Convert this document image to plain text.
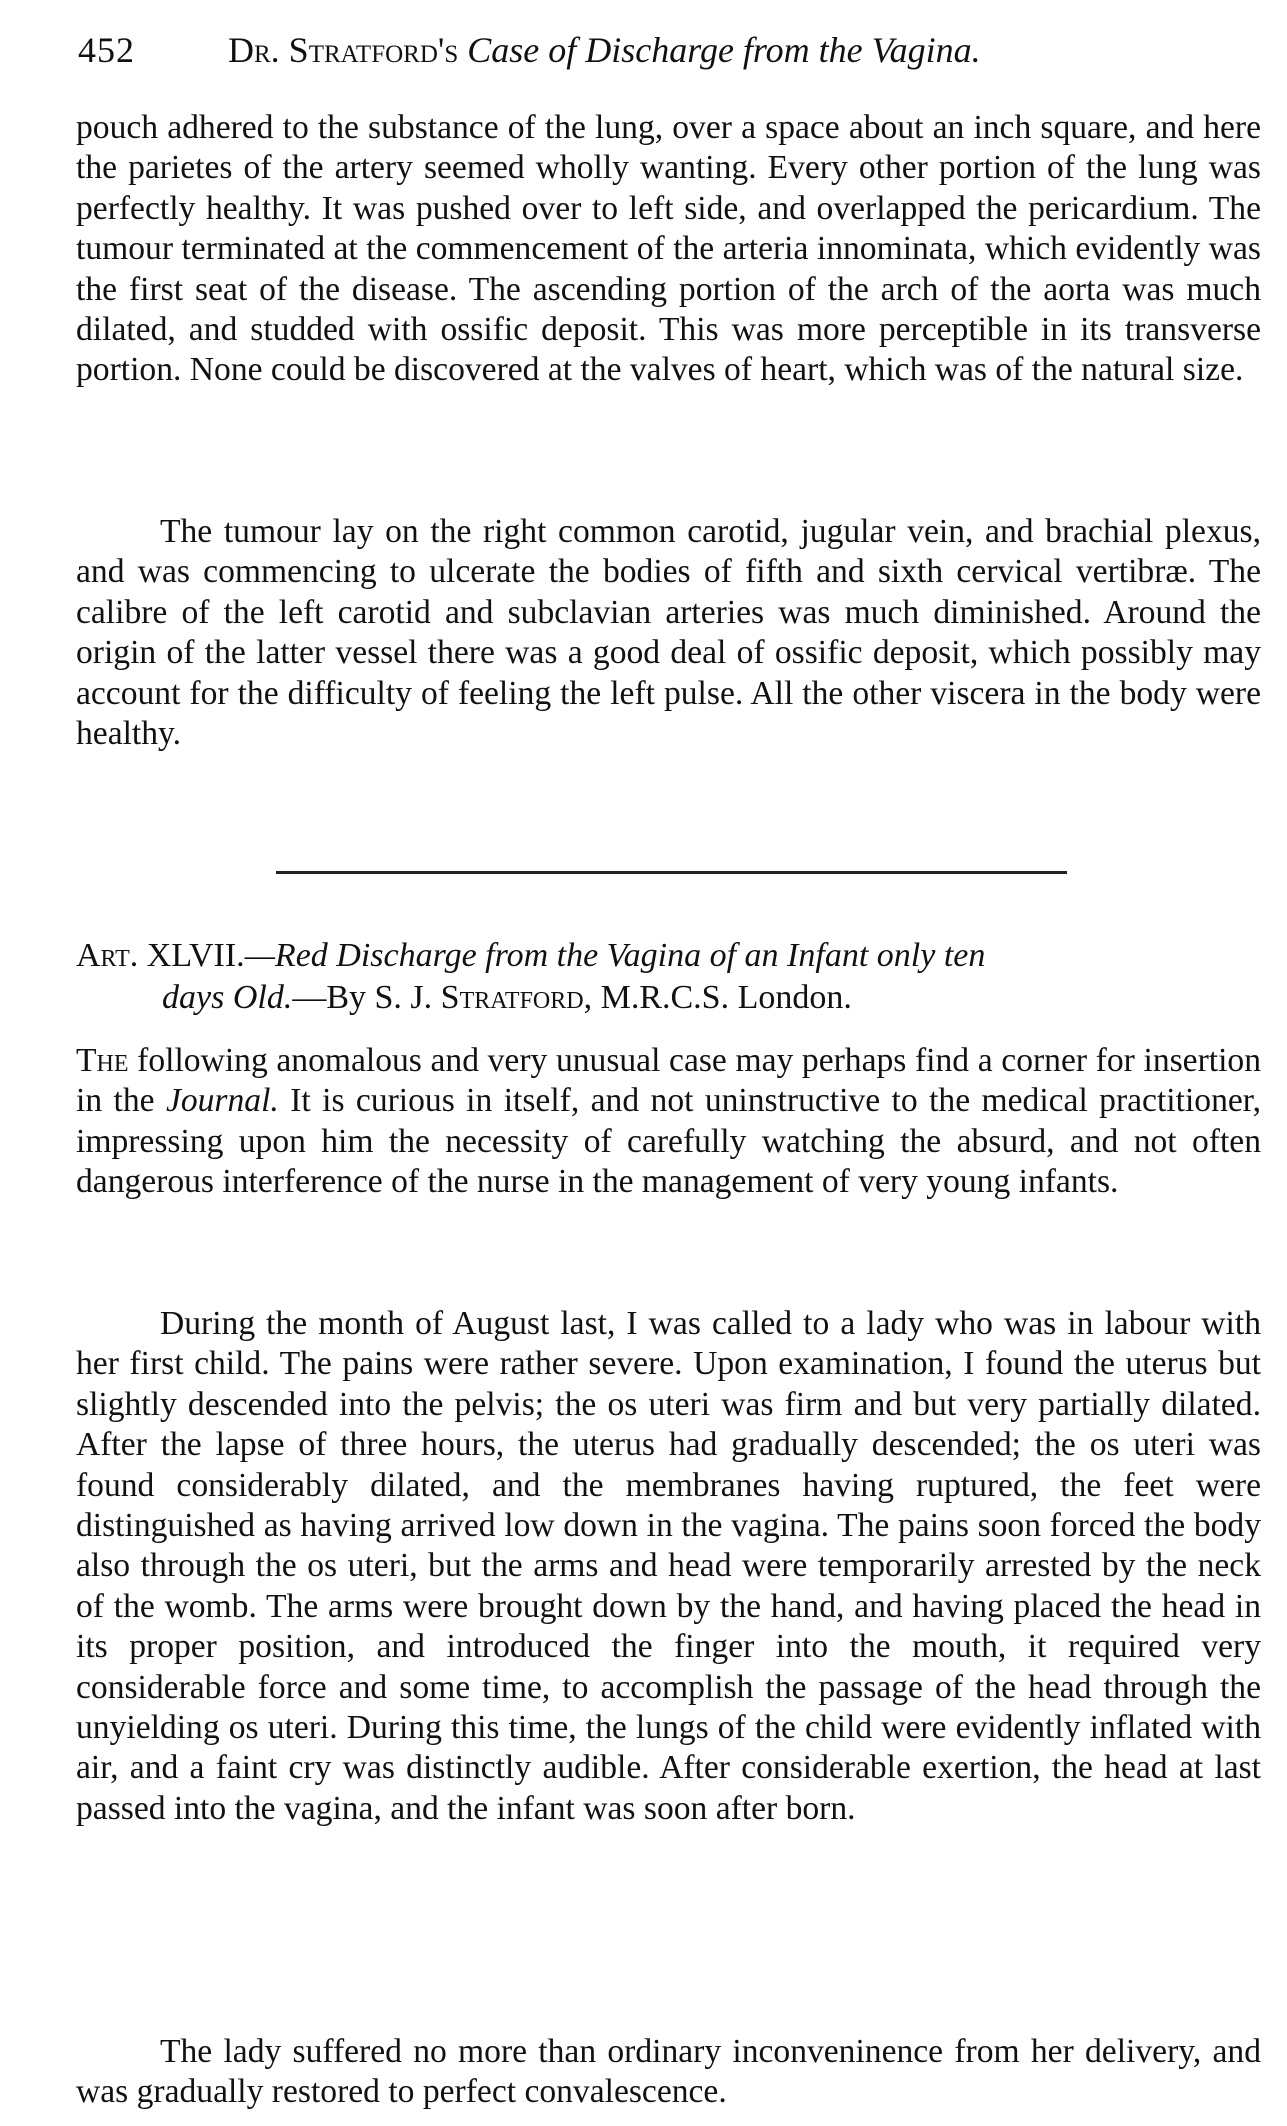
452	Dr. Stratford's Case of Discharge from the Vagina.

pouch adhered to the substance of the lung, over a space about an inch square, and here the parietes of the artery seemed wholly wanting. Every other portion of the lung was perfectly healthy. It was pushed over to left side, and overlapped the pericardium. The tumour terminated at the commencement of the arteria innominata, which evidently was the first seat of the disease. The ascending portion of the arch of the aorta was much dilated, and studded with ossific deposit. This was more perceptible in its transverse portion. None could be discovered at the valves of heart, which was of the natural size.

The tumour lay on the right common carotid, jugular vein, and brachial plexus, and was commencing to ulcerate the bodies of fifth and sixth cervical vertibræ. The calibre of the left carotid and subclavian arteries was much diminished. Around the origin of the latter vessel there was a good deal of ossific deposit, which possibly may account for the difficulty of feeling the left pulse. All the other viscera in the body were healthy.

Art. XLVII.—Red Discharge from the Vagina of an Infant only ten
days Old.—By S. J. Stratford, M.R.C.S. London.

The following anomalous and very unusual case may perhaps find a corner for insertion in the Journal. It is curious in itself, and not uninstructive to the medical practitioner, impressing upon him the necessity of carefully watching the absurd, and not often dangerous interference of the nurse in the management of very young infants.

During the month of August last, I was called to a lady who was in labour with her first child. The pains were rather severe. Upon examination, I found the uterus but slightly descended into the pelvis; the os uteri was firm and but very partially dilated. After the lapse of three hours, the uterus had gradually descended; the os uteri was found considerably dilated, and the membranes having ruptured, the feet were distinguished as having arrived low down in the vagina. The pains soon forced the body also through the os uteri, but the arms and head were temporarily arrested by the neck of the womb. The arms were brought down by the hand, and having placed the head in its proper position, and introduced the finger into the mouth, it required very considerable force and some time, to accomplish the passage of the head through the unyielding os uteri. During this time, the lungs of the child were evidently inflated with air, and a faint cry was distinctly audible. After considerable exertion, the head at last passed into the vagina, and the infant was soon after born.

The lady suffered no more than ordinary inconveninence from her delivery, and was gradually restored to perfect convalescence.
